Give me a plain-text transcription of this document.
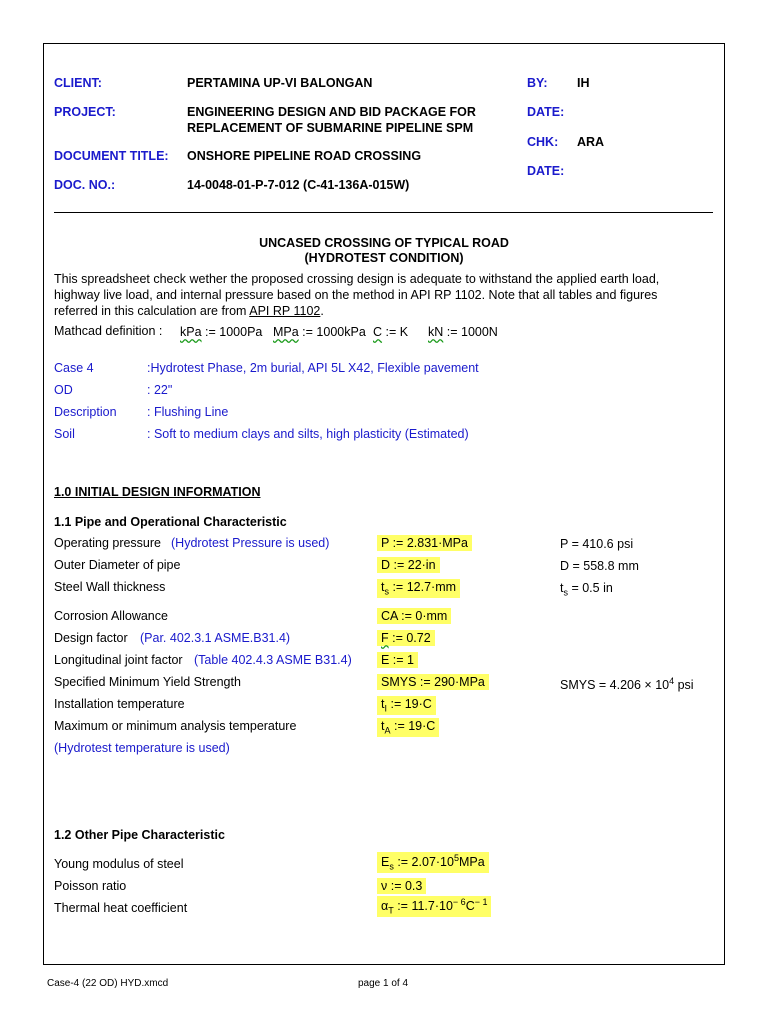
CLIENT:	PERTAMINA UP-VI BALONGAN	BY: IH
PROJECT:	ENGINEERING DESIGN AND BID PACKAGE FOR
REPLACEMENT OF SUBMARINE PIPELINE SPM
DATE:
CHK: ARA
DOCUMENT TITLE: ONSHORE PIPELINE ROAD CROSSING
DATE:
DOC. NO.:	14-0048-01-P-7-012 (C-41-136A-015W)
UNCASED CROSSING OF TYPICAL ROAD
(HYDROTEST CONDITION)
This spreadsheet check wether the proposed crossing design is adequate to withstand the applied earth load, highway live load, and internal pressure based on the method in API RP 1102. Note that all tables and figures referred in this calculation are from API RP 1102.
Mathcad definition : kPa := 1000Pa MPa := 1000kPa C := K kN := 1000N
Case 4	:Hydrotest Phase, 2m burial, API 5L X42, Flexible pavement
OD	: 22"
Description : Flushing Line
Soil	: Soft to medium clays and silts, high plasticity (Estimated)
1.0 INITIAL DESIGN INFORMATION
1.1 Pipe and Operational Characteristic
Operating pressure (Hydrotest Pressure is used)	P := 2.831·MPa	P = 410.6 psi
Outer Diameter of pipe	D := 22·in	D = 558.8 mm
Steel Wall thickness	$t_s$ := 12.7·mm	$t_s = 0.5$ in
Corrosion Allowance	CA := 0·mm
Design factor (Par. 402.3.1 ASME.B31.4)	F := 0.72
Longitudinal joint factor (Table 402.4.3 ASME B31.4)	E := 1
Specified Minimum Yield Strength	SMYS := 290·MPa	SMYS = $4.206 \times 10^4$ psi
Installation temperature	$t_I$ := 19·C
Maximum or minimum analysis temperature	$t_A$ := 19·C
(Hydrotest temperature is used)
1.2 Other Pipe Characteristic
Young modulus of steel	$E_s$ := $2.07\cdot 10^5MPa$
Poisson ratio	ν := 0.3
Thermal heat coefficient	$\alpha_T$ := $11.7\cdot 10^{- 6}C^{- 1}$
Case-4 (22 OD) HYD.xmcd	page 1 of 4
